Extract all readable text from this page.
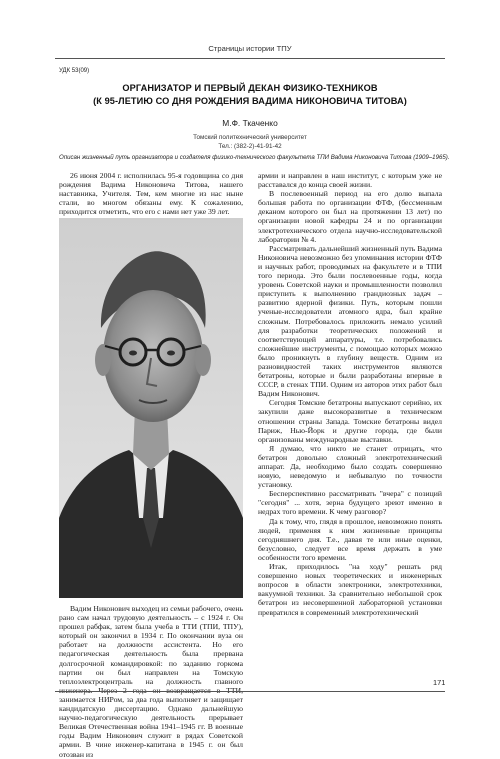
Страницы истории ТПУ
УДК 53(09)
ОРГАНИЗАТОР И ПЕРВЫЙ ДЕКАН ФИЗИКО-ТЕХНИКОВ
(К 95-ЛЕТИЮ СО ДНЯ РОЖДЕНИЯ ВАДИМА НИКОНОВИЧА ТИТОВА)
М.Ф. Ткаченко
Томский политехнический университет
Тел.: (382-2)-41-91-42
Описан жизненный путь организатора и создателя физико-технического факультета ТПИ Вадима Никоновича Титова (1909–1965).

26 июня 2004 г. исполнилась 95-я годовщина со дня рождения Вадима Никоновича Титова, нашего наставника, Учителя. Тем, кем многие из нас ныне стали, во многом обязаны ему. К сожалению, приходится отметить, что его с нами нет уже 39 лет.

Вадим Никонович выходец из семьи рабочего, очень рано сам начал трудовую деятельность – с 1924 г. Он прошел рабфак, затем была учеба в ТТИ (ТПИ, ТПУ), который он закончил в 1934 г. По окончании вуза он работает на должности ассистента. Но его педагогическая деятельность была прервана долгосрочной командировкой: по заданию горкома партии он был направлен на Томскую теплоэлектроцентраль на должность главного инженера. Через 2 года он возвращается в ТТИ, занимается НИРом, за два года выполняет и защищает кандидатскую диссертацию. Однако дальнейшую научно-педагогическую деятельность прерывает Великая Отечественная война 1941–1945 гг. В военные годы Вадим Никонович служит в рядах Советской армии. В чине инженер-капитана в 1945 г. он был отозван из

армии и направлен в наш институт, с которым уже не расставался до конца своей жизни.

В послевоенный период на его долю выпала большая работа по организации ФТФ, (бессменным деканом которого он был на протяжении 13 лет) по организации новой кафедры 24 и по организации электротехнического отдела научно-исследовательской лаборатории № 4.

Рассматривать дальнейший жизненный путь Вадима Никоновича невозможно без упоминания истории ФТФ и научных работ, проводимых на факультете и в ТПИ того периода. Это были послевоенные годы, когда уровень Советской науки и промышленности позволил приступить к выполнению грандиозных задач – развитию ядерной физики. Путь, которым пошли ученые-исследователи атомного ядра, был крайне сложным. Потребовалось приложить немало усилий для разработки теоретических положений и соответствующей аппаратуры, т.е. потребовались сложнейшие инструменты, с помощью которых можно было проникнуть в глубину веществ. Одним из разновидностей таких инструментов являются бетатроны, которые и были разработаны впервые в СССР, в стенах ТПИ. Одним из авторов этих работ был Вадим Никонович.

Сегодня Томские бетатроны выпускают серийно, их закупили даже высокоразвитые в техническом отношении страны Запада. Томские бетатроны видел Париж, Нью-Йорк и другие города, где были организованы международные выставки.

Я думаю, что никто не станет отрицать, что бетатрон довольно сложный электротехнический аппарат. Да, необходимо было создать совершенно новую, неведомую и небывалую по точности установку.

Бесперспективно рассматривать "вчера" с позиций "сегодня" ... хотя, зерна будущего зреют именно в недрах того времени. К чему разговор?

Да к тому, что, глядя в прошлое, невозможно понять людей, применяя к ним жизненные принципы сегодняшнего дня. Т.е., давая те или иные оценки, безусловно, следует все время держать в уме особенности того времени.

Итак, приходилось "на ходу" решать ряд совершенно новых теоретических и инженерных вопросов в области электроники, электротехники, вакуумной техники. За сравнительно небольшой срок бетатрон из несовершенной лабораторной установки превратился в современный электротехнический

171
